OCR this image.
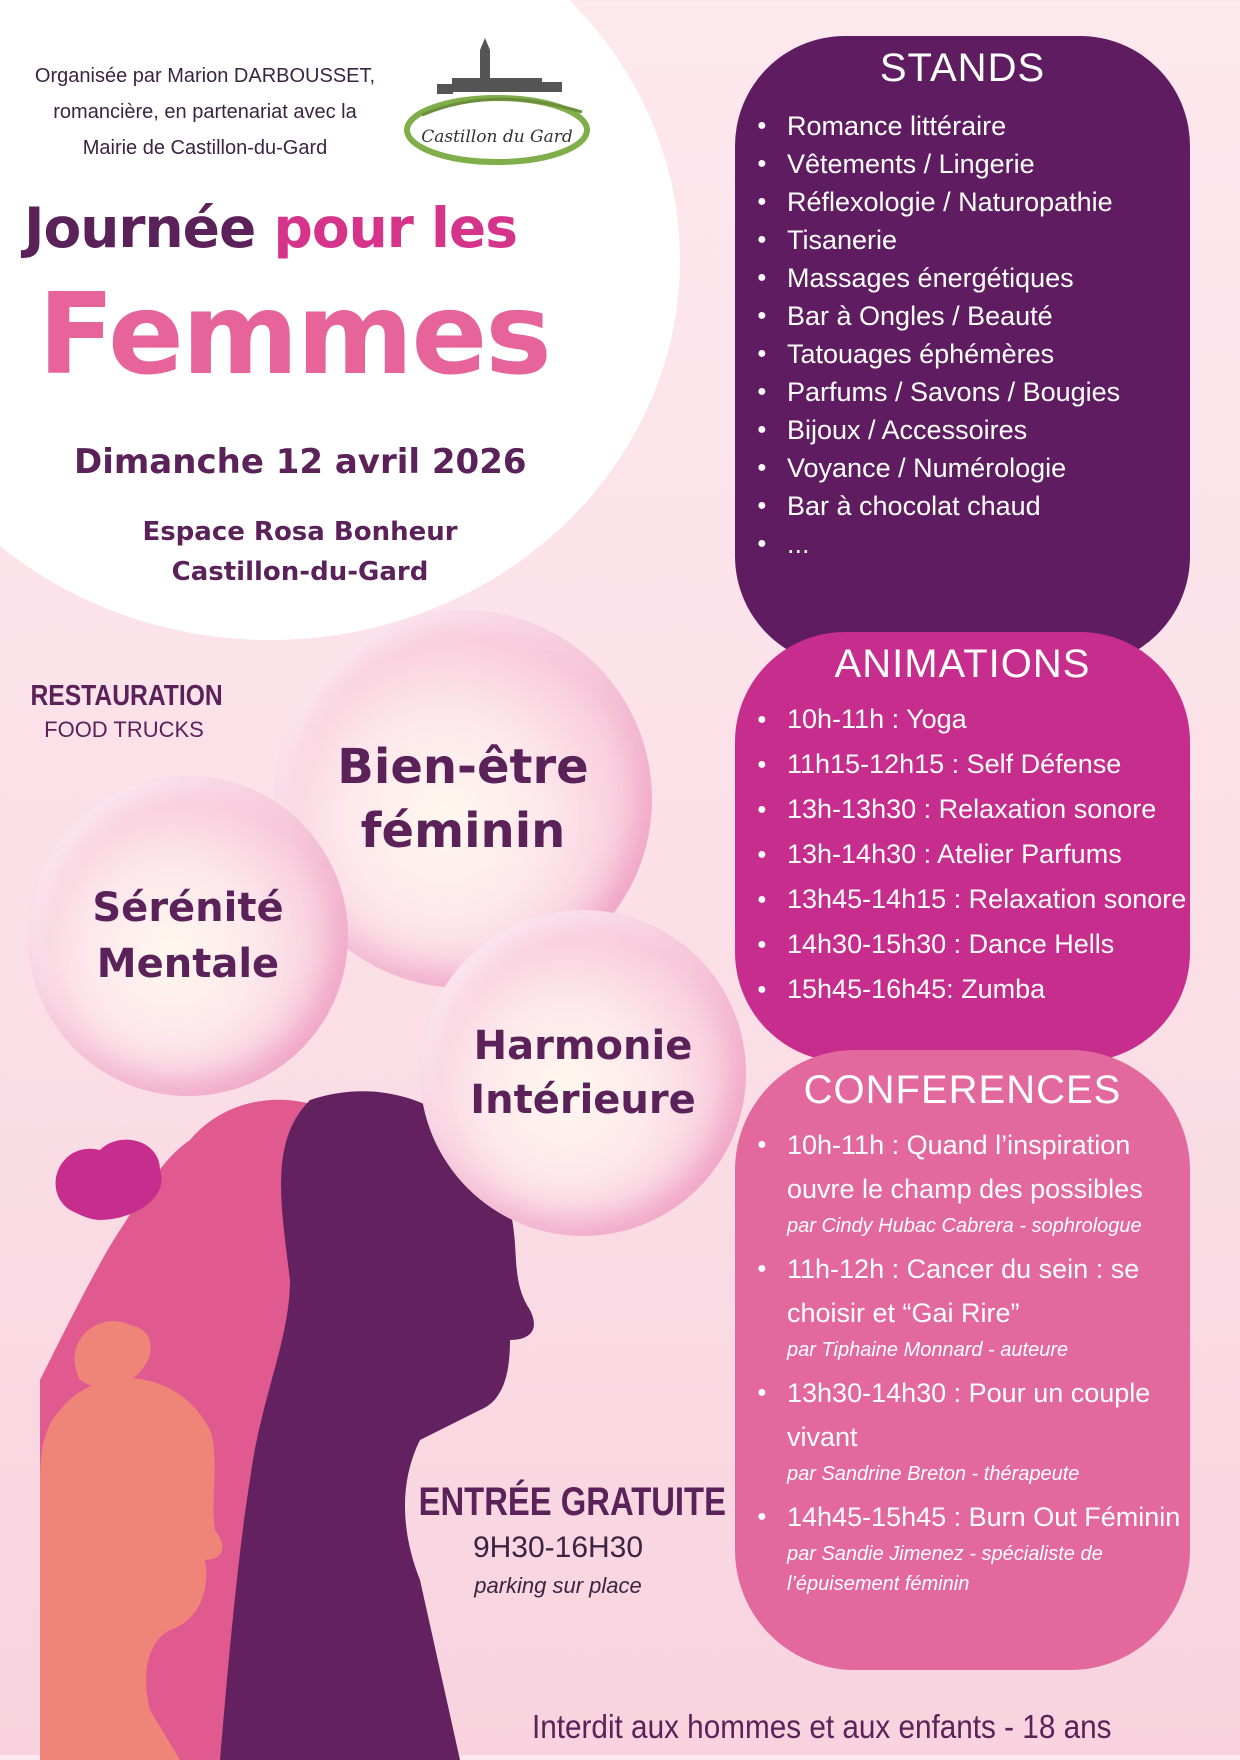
Organisée par Marion DARBOUSSET,
romancière, en partenariat avec la
Mairie de Castillon-du-Gard	Castillon du Gard
Journée pour les
Femmes
Dimanche 12 avril 2026
Espace Rosa Bonheur
Castillon-du-Gard
RESTAURATION
FOOD TRUCKS
Bien-être
féminin
Sérénité
Mentale
Harmonie
Intérieure
ENTRÉE GRATUITE
9H30-16H30
parking sur place
STANDS
● Romance littéraire
● Vêtements / Lingerie
● Réflexologie / Naturopathie
● Tisanerie
● Massages énergétiques
● Bar à Ongles / Beauté
● Tatouages éphémères
● Parfums / Savons / Bougies
● Bijoux / Accessoires
● Voyance / Numérologie
● Bar à chocolat chaud
● ...
ANIMATIONS
● 10h-11h : Yoga
● 11h15-12h15 : Self Défense
● 13h-13h30 : Relaxation sonore
● 13h-14h30 : Atelier Parfums
● 13h45-14h15 : Relaxation sonore
● 14h30-15h30 : Dance Hells
● 15h45-16h45: Zumba
CONFERENCES
● 10h-11h : Quand l’inspiration ouvre le champ des possibles
par Cindy Hubac Cabrera - sophrologue
● 11h-12h : Cancer du sein : se choisir et “Gai Rire”
par Tiphaine Monnard - auteure
● 13h30-14h30 : Pour un couple vivant
par Sandrine Breton - thérapeute
● 14h45-15h45 : Burn Out Féminin
par Sandie Jimenez - spécialiste de l’épuisement féminin
Interdit aux hommes et aux enfants - 18 ans
